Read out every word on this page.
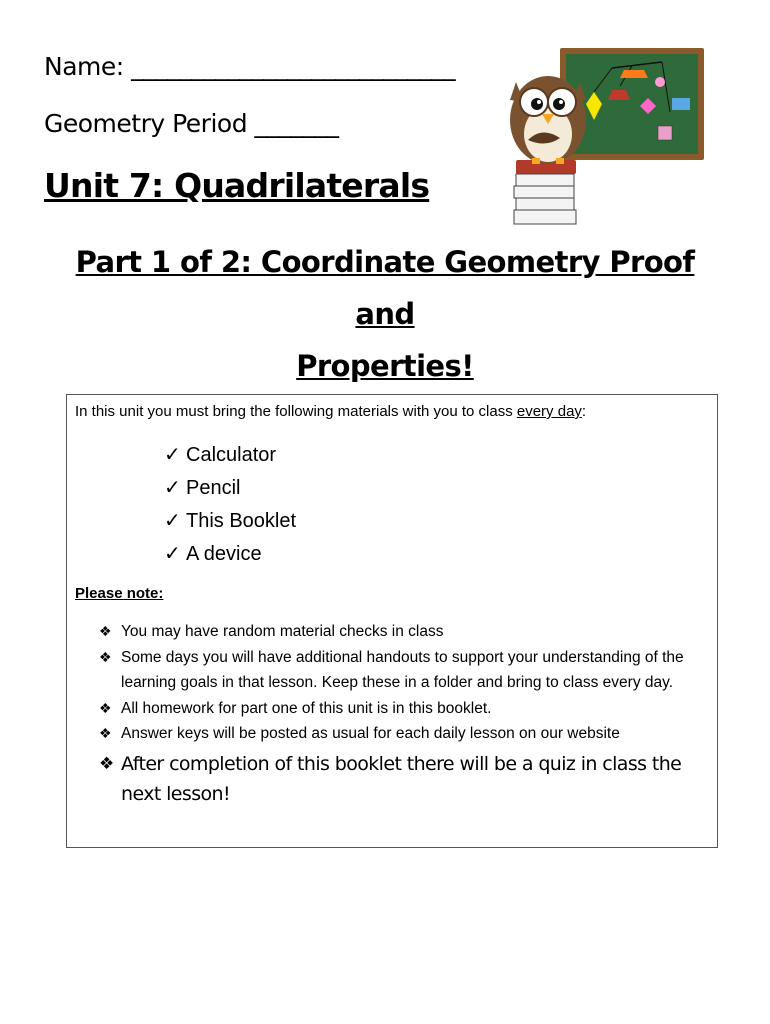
Name: ___________________________
Geometry Period _______
Unit 7: Quadrilaterals
Part 1 of 2: Coordinate Geometry Proof and
Properties!
In this unit you must bring the following materials with you to class every day:
✓ Calculator
✓ Pencil
✓ This Booklet
✓ A device
Please note:
❖ You may have random material checks in class
❖ Some days you will have additional handouts to support your understanding of the learning goals in that lesson. Keep these in a folder and bring to class every day.
❖ All homework for part one of this unit is in this booklet.
❖ Answer keys will be posted as usual for each daily lesson on our website
❖ After completion of this booklet there will be a quiz in class the next lesson!
